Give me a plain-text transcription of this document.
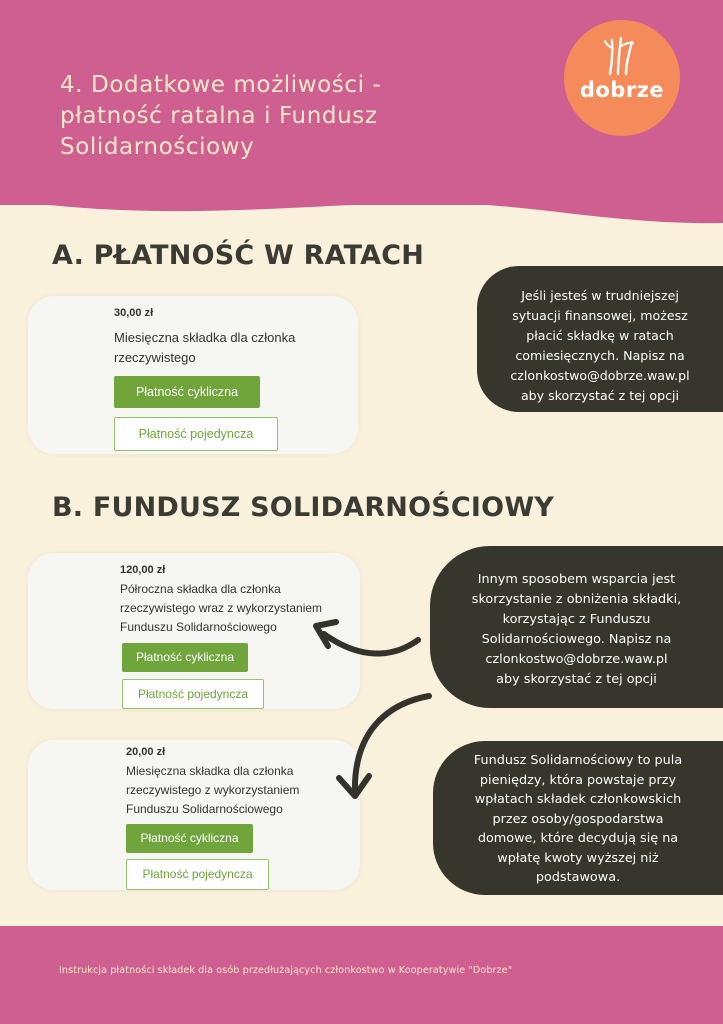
4. Dodatkowe możliwości -
płatność ratalna i Fundusz
Solidarnościowy
dobrze
A. PŁATNOŚĆ W RATACH
30,00 zł
Miesięczna składka dla członka
rzeczywistego
Płatność cykliczna
Płatność pojedyncza

Jeśli jesteś w trudniejszej

sytuacji finansowej, możesz

płacić składkę w ratach

comiesięcznych. Napisz na

czlonkostwo@dobrze.waw.pl

aby skorzystać z tej opcji

B. FUNDUSZ SOLIDARNOŚCIOWY
120,00 zł
Półroczna składka dla członka
rzeczywistego wraz z wykorzystaniem
Funduszu Solidarnościowego
Płatność cykliczna
Płatność pojedyncza
20,00 zł
Miesięczna składka dla członka
rzeczywistego z wykorzystaniem
Funduszu Solidarnościowego
Płatność cykliczna
Płatność pojedyncza

Innym sposobem wsparcia jest

skorzystanie z obniżenia składki,

korzystając z Funduszu

Solidarnościowego. Napisz na

czlonkostwo@dobrze.waw.pl

aby skorzystać z tej opcji

Fundusz Solidarnościowy to pula

pieniędzy, która powstaje przy

wpłatach składek członkowskich

przez osoby/gospodarstwa

domowe, które decydują się na

wpłatę kwoty wyższej niż

podstawowa.

Instrukcja płatności składek dla osób przedłużających członkostwo w Kooperatywie "Dobrze"
